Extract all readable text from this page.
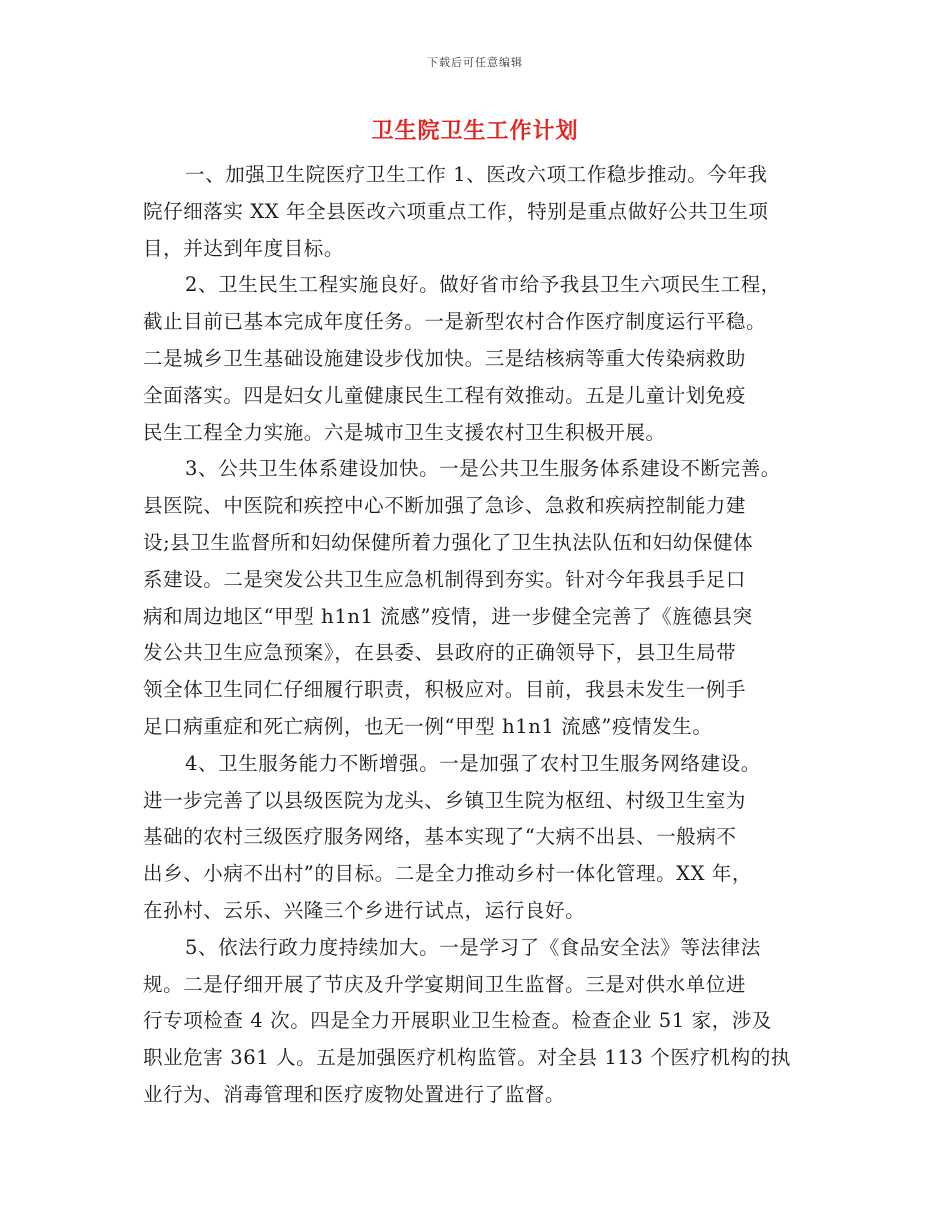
下载后可任意编辑
卫生院卫生工作计划
一、加强卫生院医疗卫生工作 1、医改六项工作稳步推动。今年我
院仔细落实 XX 年全县医改六项重点工作，特别是重点做好公共卫生项
目，并达到年度目标。
2、卫生民生工程实施良好。做好省市给予我县卫生六项民生工程，
截止目前已基本完成年度任务。一是新型农村合作医疗制度运行平稳。
二是城乡卫生基础设施建设步伐加快。三是结核病等重大传染病救助
全面落实。四是妇女儿童健康民生工程有效推动。五是儿童计划免疫
民生工程全力实施。六是城市卫生支援农村卫生积极开展。
3、公共卫生体系建设加快。一是公共卫生服务体系建设不断完善。
县医院、中医院和疾控中心不断加强了急诊、急救和疾病控制能力建
设;县卫生监督所和妇幼保健所着力强化了卫生执法队伍和妇幼保健体
系建设。二是突发公共卫生应急机制得到夯实。针对今年我县手足口
病和周边地区“甲型 h1n1 流感”疫情，进一步健全完善了《旌德县突
发公共卫生应急预案》，在县委、县政府的正确领导下，县卫生局带
领全体卫生同仁仔细履行职责，积极应对。目前，我县未发生一例手
足口病重症和死亡病例，也无一例“甲型 h1n1 流感”疫情发生。
4、卫生服务能力不断增强。一是加强了农村卫生服务网络建设。
进一步完善了以县级医院为龙头、乡镇卫生院为枢纽、村级卫生室为
基础的农村三级医疗服务网络，基本实现了“大病不出县、一般病不
出乡、小病不出村”的目标。二是全力推动乡村一体化管理。XX 年，
在孙村、云乐、兴隆三个乡进行试点，运行良好。
5、依法行政力度持续加大。一是学习了《食品安全法》等法律法
规。二是仔细开展了节庆及升学宴期间卫生监督。三是对供水单位进
行专项检查 4 次。四是全力开展职业卫生检查。检查企业 51 家，涉及
职业危害 361 人。五是加强医疗机构监管。对全县 113 个医疗机构的执
业行为、消毒管理和医疗废物处置进行了监督。
